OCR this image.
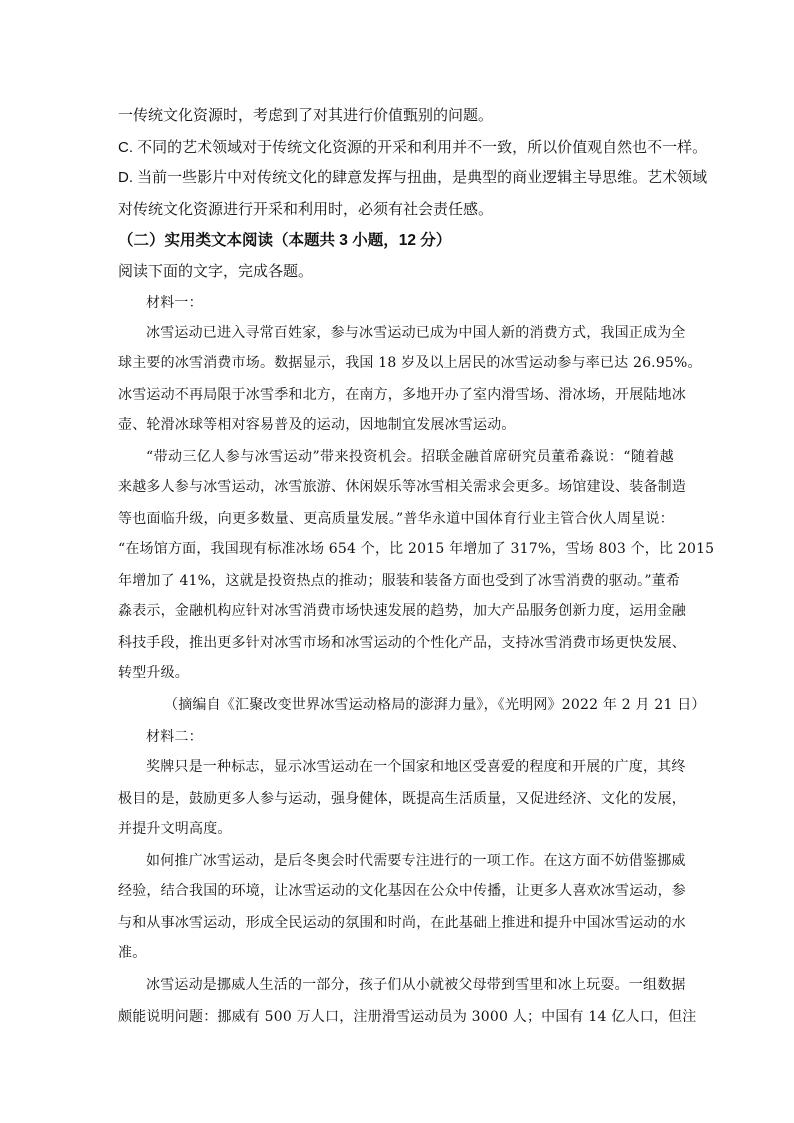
一传统文化资源时，考虑到了对其进行价值甄别的问题。
C. 不同的艺术领域对于传统文化资源的开采和利用并不一致，所以价值观自然也不一样。
D. 当前一些影片中对传统文化的肆意发挥与扭曲，是典型的商业逻辑主导思维。艺术领域
对传统文化资源进行开采和利用时，必须有社会责任感。
（二）实用类文本阅读（本题共 3 小题，12 分）
阅读下面的文字，完成各题。
材料一：
冰雪运动已进入寻常百姓家，参与冰雪运动已成为中国人新的消费方式，我国正成为全
球主要的冰雪消费市场。数据显示，我国 18 岁及以上居民的冰雪运动参与率已达 26.95%。
冰雪运动不再局限于冰雪季和北方，在南方，多地开办了室内滑雪场、滑冰场，开展陆地冰
壶、轮滑冰球等相对容易普及的运动，因地制宜发展冰雪运动。
“带动三亿人参与冰雪运动”带来投资机会。招联金融首席研究员董希淼说：“随着越
来越多人参与冰雪运动，冰雪旅游、休闲娱乐等冰雪相关需求会更多。场馆建设、装备制造
等也面临升级，向更多数量、更高质量发展。”普华永道中国体育行业主管合伙人周星说：
“在场馆方面，我国现有标准冰场 654 个，比 2015 年增加了 317%，雪场 803 个，比 2015
年增加了 41%，这就是投资热点的推动；服装和装备方面也受到了冰雪消费的驱动。”董希
淼表示，金融机构应针对冰雪消费市场快速发展的趋势，加大产品服务创新力度，运用金融
科技手段，推出更多针对冰雪市场和冰雪运动的个性化产品，支持冰雪消费市场更快发展、
转型升级。
（摘编自《汇聚改变世界冰雪运动格局的澎湃力量》，《光明网》2022 年 2 月 21 日）
材料二：
奖牌只是一种标志，显示冰雪运动在一个国家和地区受喜爱的程度和开展的广度，其终
极目的是，鼓励更多人参与运动，强身健体，既提高生活质量，又促进经济、文化的发展，
并提升文明高度。
如何推广冰雪运动，是后冬奥会时代需要专注进行的一项工作。在这方面不妨借鉴挪威
经验，结合我国的环境，让冰雪运动的文化基因在公众中传播，让更多人喜欢冰雪运动，参
与和从事冰雪运动，形成全民运动的氛围和时尚，在此基础上推进和提升中国冰雪运动的水
准。
冰雪运动是挪威人生活的一部分，孩子们从小就被父母带到雪里和冰上玩耍。一组数据
颇能说明问题：挪威有 500 万人口，注册滑雪运动员为 3000 人；中国有 14 亿人口，但注
